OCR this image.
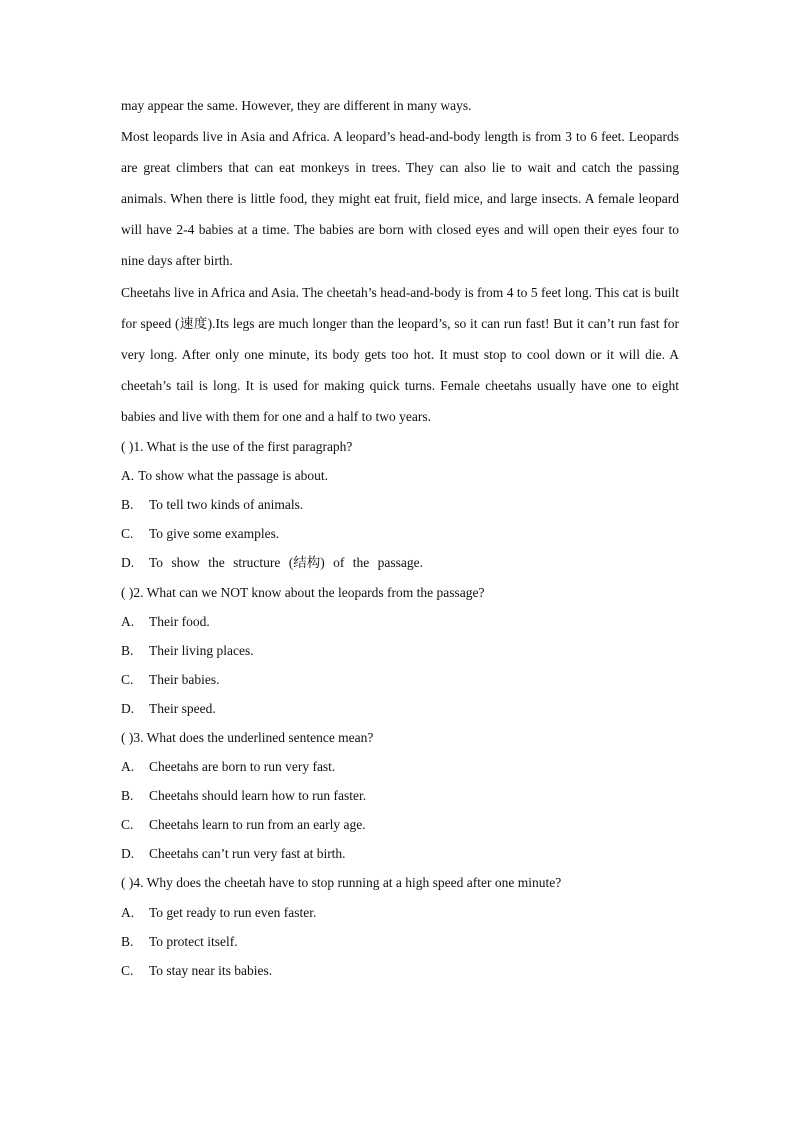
may appear the same. However, they are different in many ways.

Most leopards live in Asia and Africa. A leopard’s head-and-body length is from 3 to 6 feet. Leopards are great climbers that can eat monkeys in trees. They can also lie to wait and catch the passing animals. When there is little food, they might eat fruit, field mice, and large insects. A female leopard will have 2-4 babies at a time. The babies are born with closed eyes and will open their eyes four to nine days after birth.

Cheetahs live in Africa and Asia. The cheetah’s head-and-body is from 4 to 5 feet long. This cat is built for speed (速度).Its legs are much longer than the leopard’s, so it can run fast! But it can’t run fast for very long. After only one minute, its body gets too hot. It must stop to cool down or it will die. A cheetah’s tail is long. It is used for making quick turns. Female cheetahs usually have one to eight babies and live with them for one and a half to two years.

( )1. What is the use of the first paragraph?
A. To show what the passage is about.
B. To tell two kinds of animals.
C. To give some examples.
D. To show the structure (结构) of the passage.
( )2. What can we NOT know about the leopards from the passage?
A. Their food.
B. Their living places.
C. Their babies.
D. Their speed.
( )3. What does the underlined sentence mean?
A. Cheetahs are born to run very fast.
B. Cheetahs should learn how to run faster.
C. Cheetahs learn to run from an early age.
D. Cheetahs can’t run very fast at birth.
( )4. Why does the cheetah have to stop running at a high speed after one minute?
A. To get ready to run even faster.
B. To protect itself.
C. To stay near its babies.
